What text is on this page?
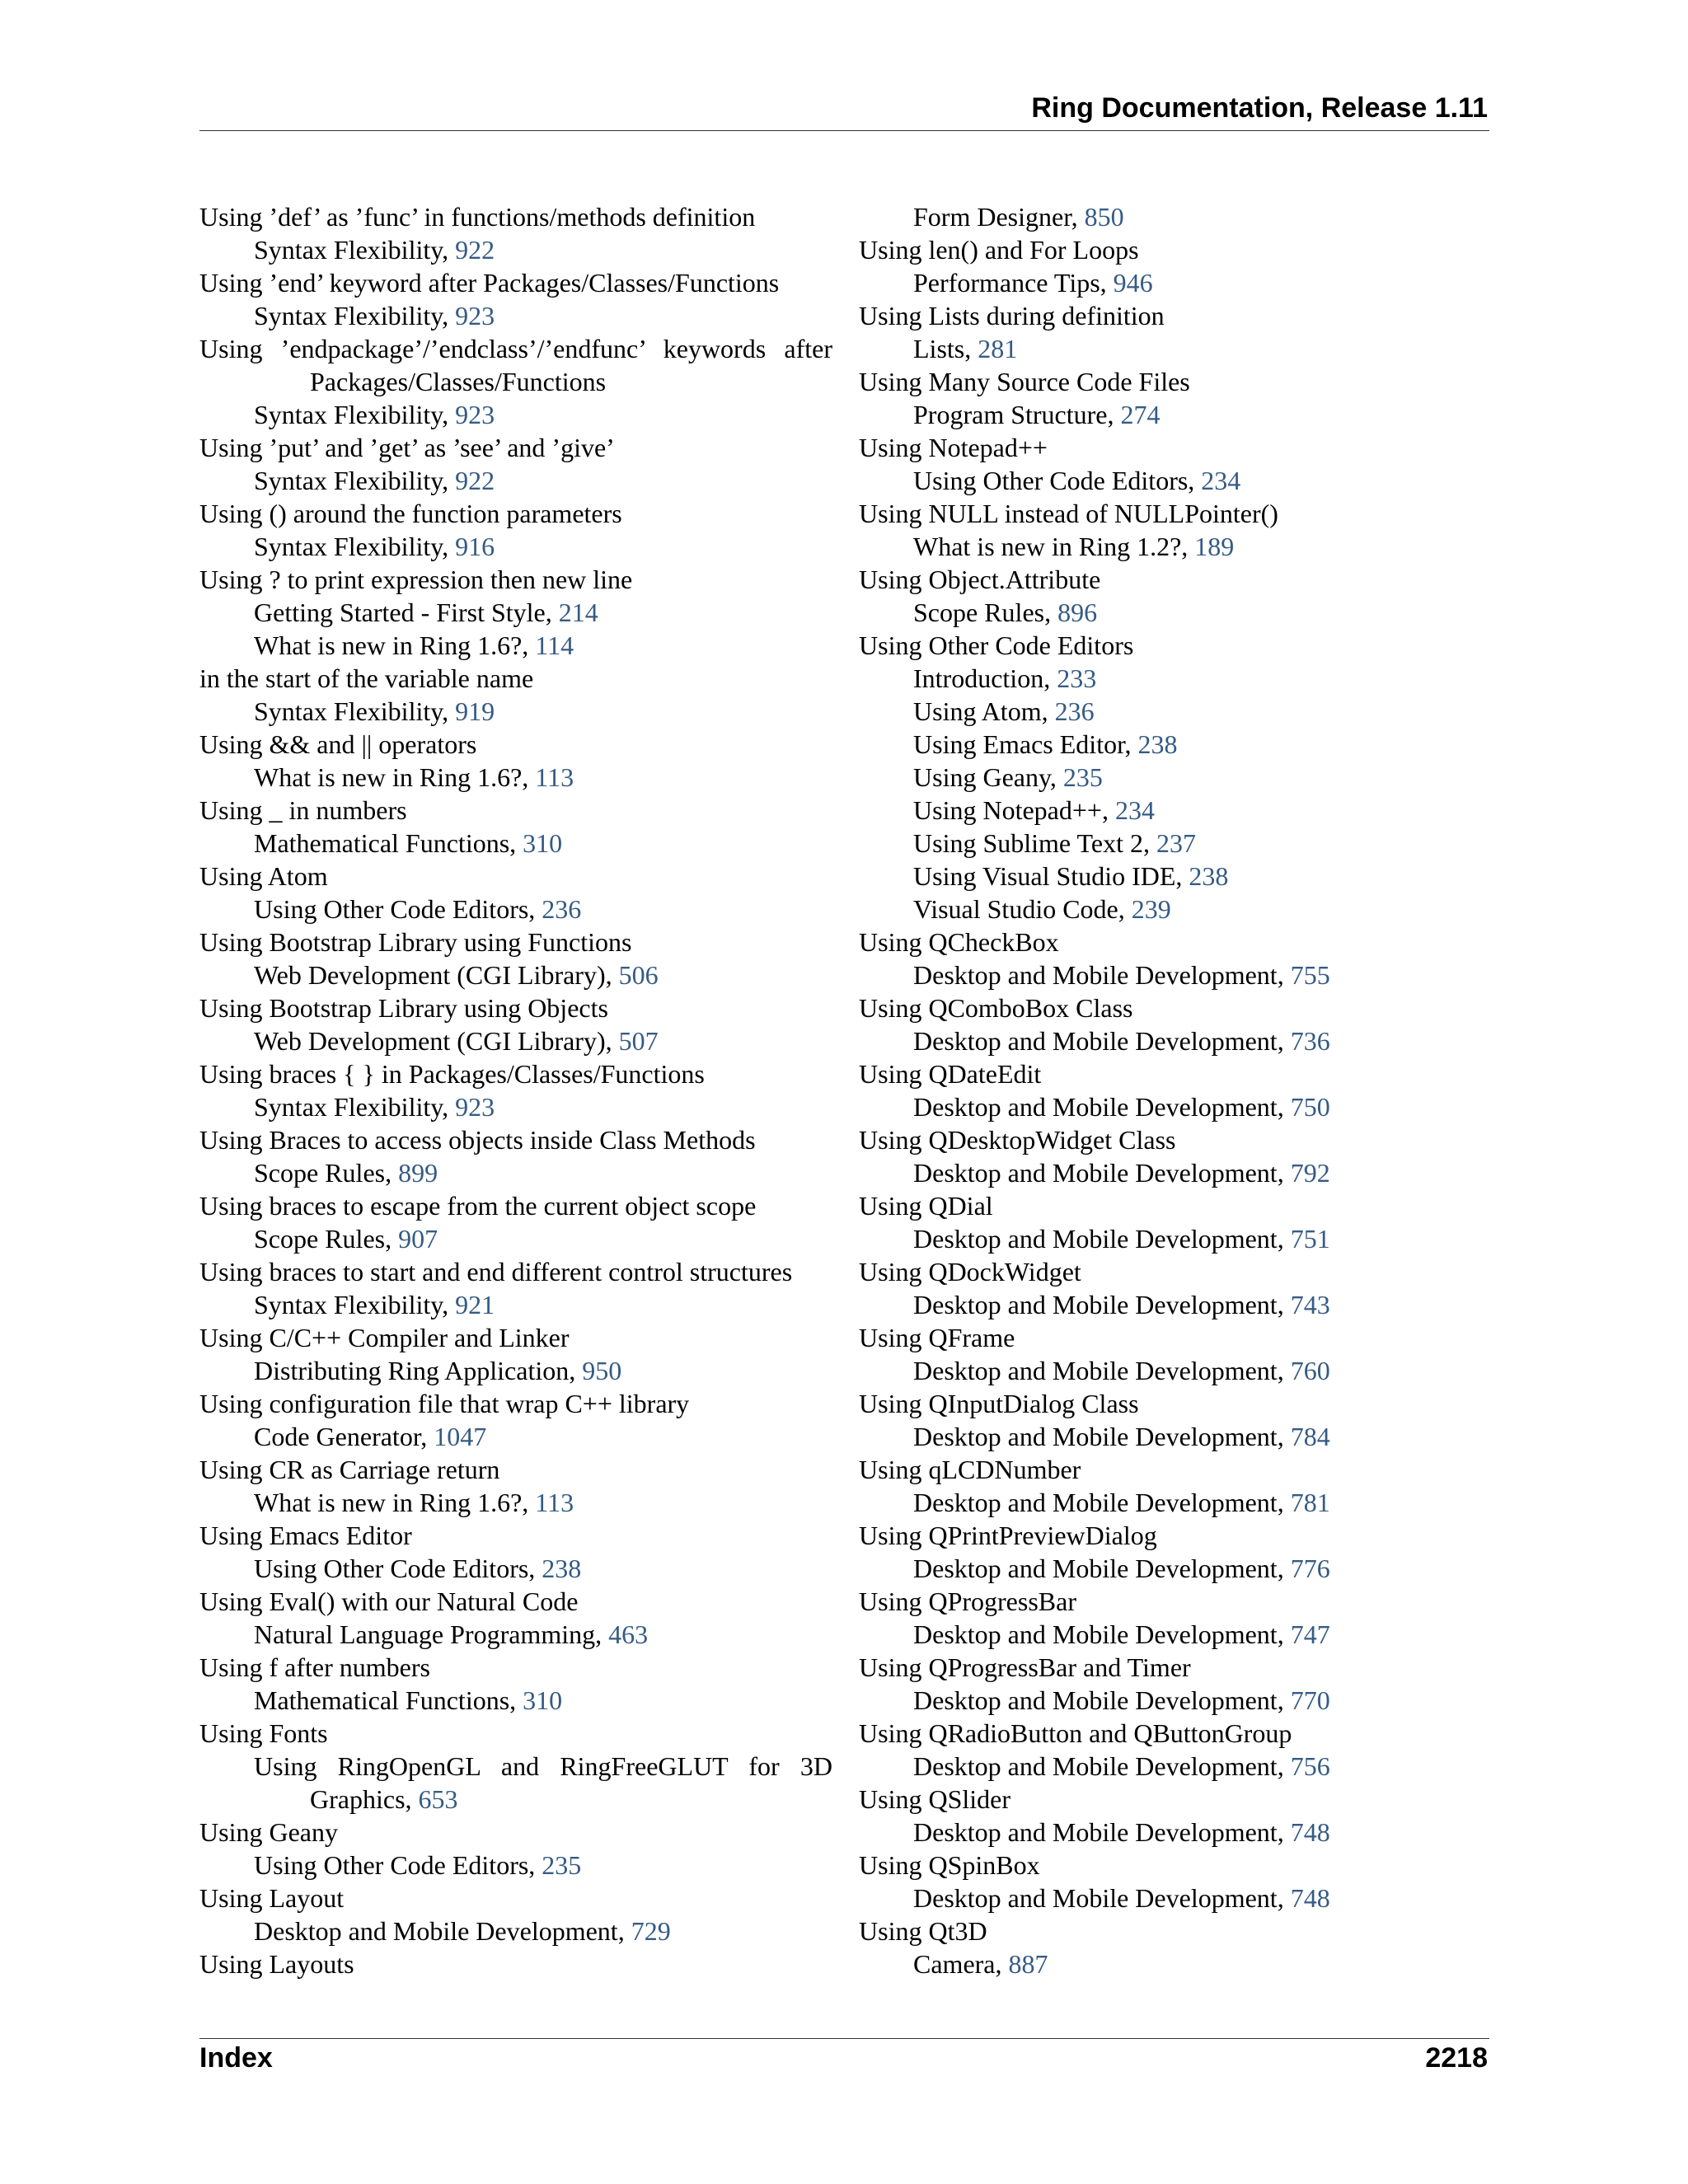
Ring Documentation, Release 1.11

Using ’def’ as ’func’ in functions/methods definition

Syntax Flexibility, 922

Using ’end’ keyword after Packages/Classes/Functions

Syntax Flexibility, 923

Using ’endpackage’/’endclass’/’endfunc’ keywords after

Packages/Classes/Functions

Syntax Flexibility, 923

Using ’put’ and ’get’ as ’see’ and ’give’

Syntax Flexibility, 922

Using () around the function parameters

Syntax Flexibility, 916

Using ? to print expression then new line

Getting Started - First Style, 214

What is new in Ring 1.6?, 114

in the start of the variable name

Syntax Flexibility, 919

Using && and || operators

What is new in Ring 1.6?, 113

Using _ in numbers

Mathematical Functions, 310

Using Atom

Using Other Code Editors, 236

Using Bootstrap Library using Functions

Web Development (CGI Library), 506

Using Bootstrap Library using Objects

Web Development (CGI Library), 507

Using braces { } in Packages/Classes/Functions

Syntax Flexibility, 923

Using Braces to access objects inside Class Methods

Scope Rules, 899

Using braces to escape from the current object scope

Scope Rules, 907

Using braces to start and end different control structures

Syntax Flexibility, 921

Using C/C++ Compiler and Linker

Distributing Ring Application, 950

Using configuration file that wrap C++ library

Code Generator, 1047

Using CR as Carriage return

What is new in Ring 1.6?, 113

Using Emacs Editor

Using Other Code Editors, 238

Using Eval() with our Natural Code

Natural Language Programming, 463

Using f after numbers

Mathematical Functions, 310

Using Fonts

Using RingOpenGL and RingFreeGLUT for 3D

Graphics, 653

Using Geany

Using Other Code Editors, 235

Using Layout

Desktop and Mobile Development, 729

Using Layouts

Form Designer, 850

Using len() and For Loops

Performance Tips, 946

Using Lists during definition

Lists, 281

Using Many Source Code Files

Program Structure, 274

Using Notepad++

Using Other Code Editors, 234

Using NULL instead of NULLPointer()

What is new in Ring 1.2?, 189

Using Object.Attribute

Scope Rules, 896

Using Other Code Editors

Introduction, 233

Using Atom, 236

Using Emacs Editor, 238

Using Geany, 235

Using Notepad++, 234

Using Sublime Text 2, 237

Using Visual Studio IDE, 238

Visual Studio Code, 239

Using QCheckBox

Desktop and Mobile Development, 755

Using QComboBox Class

Desktop and Mobile Development, 736

Using QDateEdit

Desktop and Mobile Development, 750

Using QDesktopWidget Class

Desktop and Mobile Development, 792

Using QDial

Desktop and Mobile Development, 751

Using QDockWidget

Desktop and Mobile Development, 743

Using QFrame

Desktop and Mobile Development, 760

Using QInputDialog Class

Desktop and Mobile Development, 784

Using qLCDNumber

Desktop and Mobile Development, 781

Using QPrintPreviewDialog

Desktop and Mobile Development, 776

Using QProgressBar

Desktop and Mobile Development, 747

Using QProgressBar and Timer

Desktop and Mobile Development, 770

Using QRadioButton and QButtonGroup

Desktop and Mobile Development, 756

Using QSlider

Desktop and Mobile Development, 748

Using QSpinBox

Desktop and Mobile Development, 748

Using Qt3D

Camera, 887

Index	2218
